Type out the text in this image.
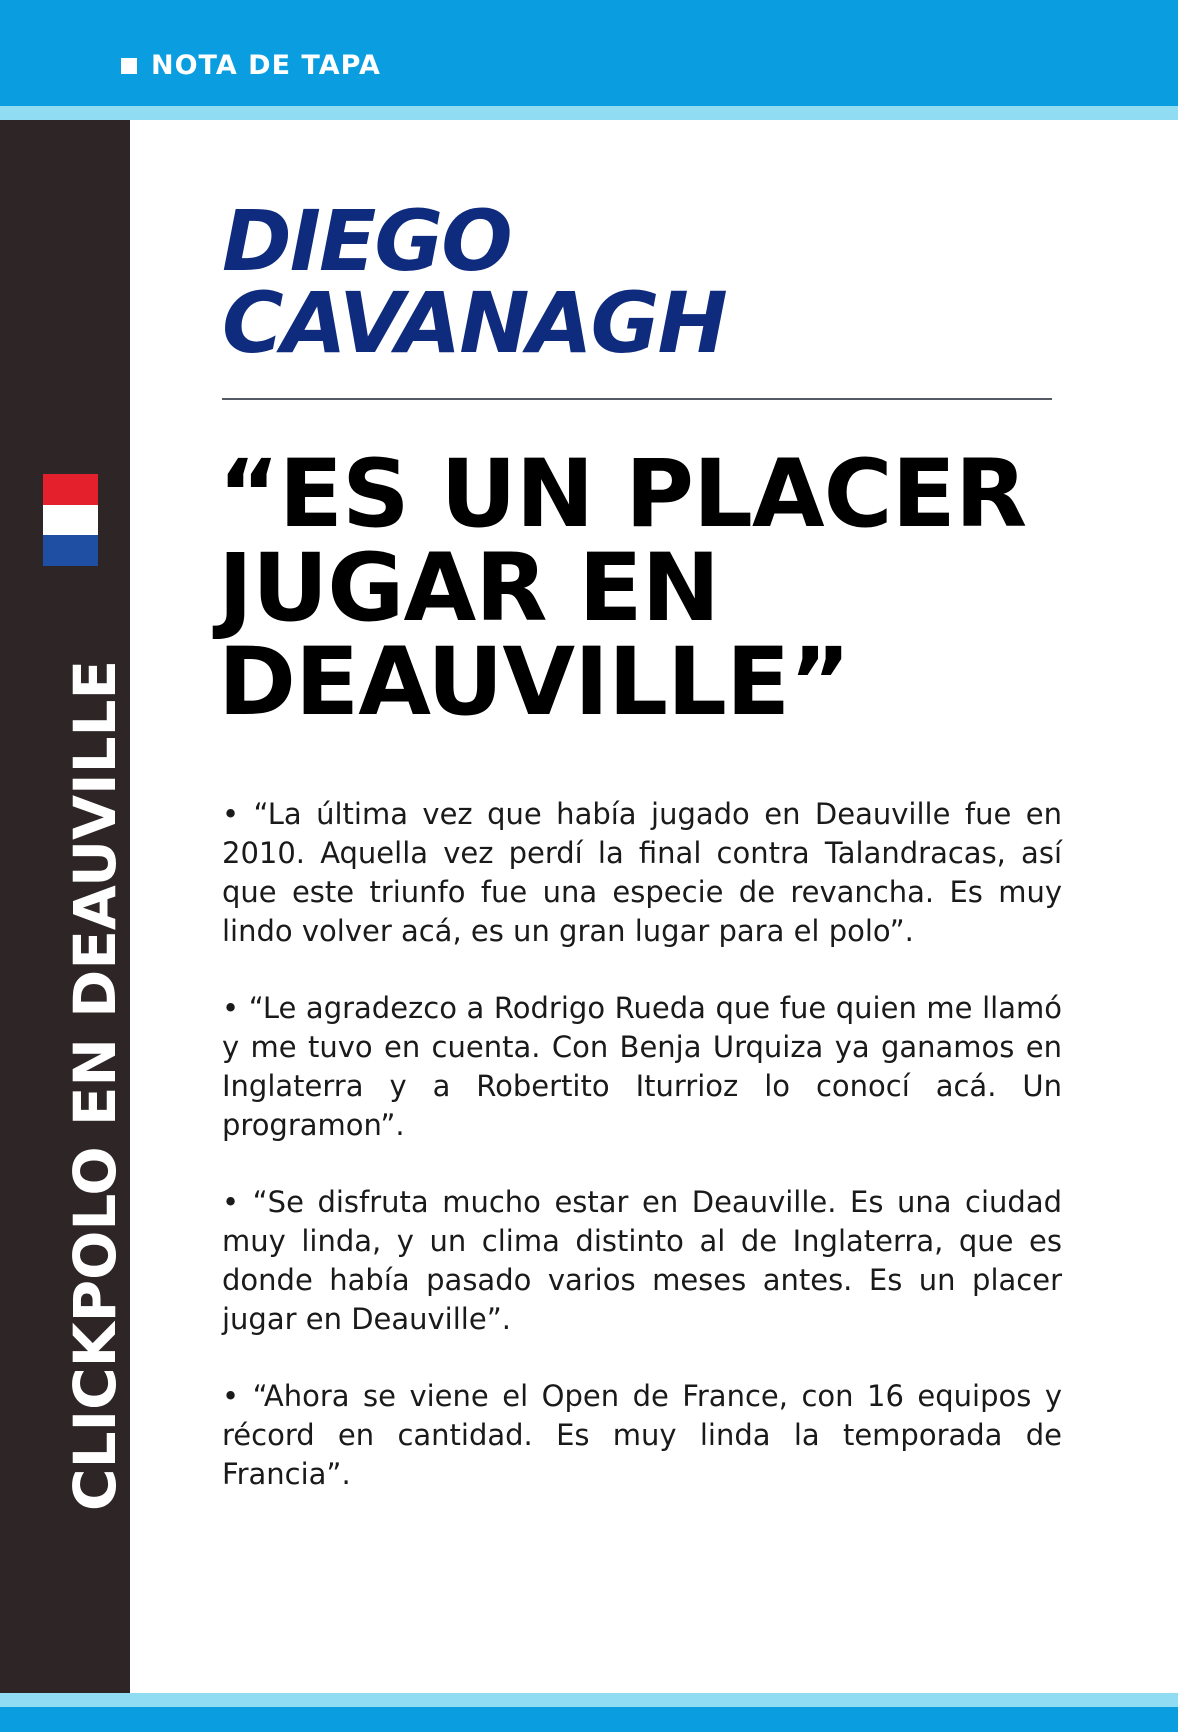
NOTA DE TAPA
CLICKPOLO EN DEAUVILLE
DIEGO
CAVANAGH
“ES UN PLACER
JUGAR EN
DEAUVILLE”

• “La última vez que había jugado en Deauville fue en 2010. Aquella vez perdí la final contra Talandracas, así que este triunfo fue una especie de revancha. Es muy lindo volver acá, es un gran lugar para el polo”.

• “Le agradezco a Rodrigo Rueda que fue quien me llamó y me tuvo en cuenta. Con Benja Urquiza ya ganamos en Inglaterra y a Robertito Iturrioz lo conocí acá. Un programon”.

• “Se disfruta mucho estar en Deauville. Es una ciudad muy linda, y un clima distinto al de Inglaterra, que es donde había pasado varios meses antes. Es un placer jugar en Deauville”.

• “Ahora se viene el Open de France, con 16 equipos y récord en cantidad. Es muy linda la temporada de Francia”.
